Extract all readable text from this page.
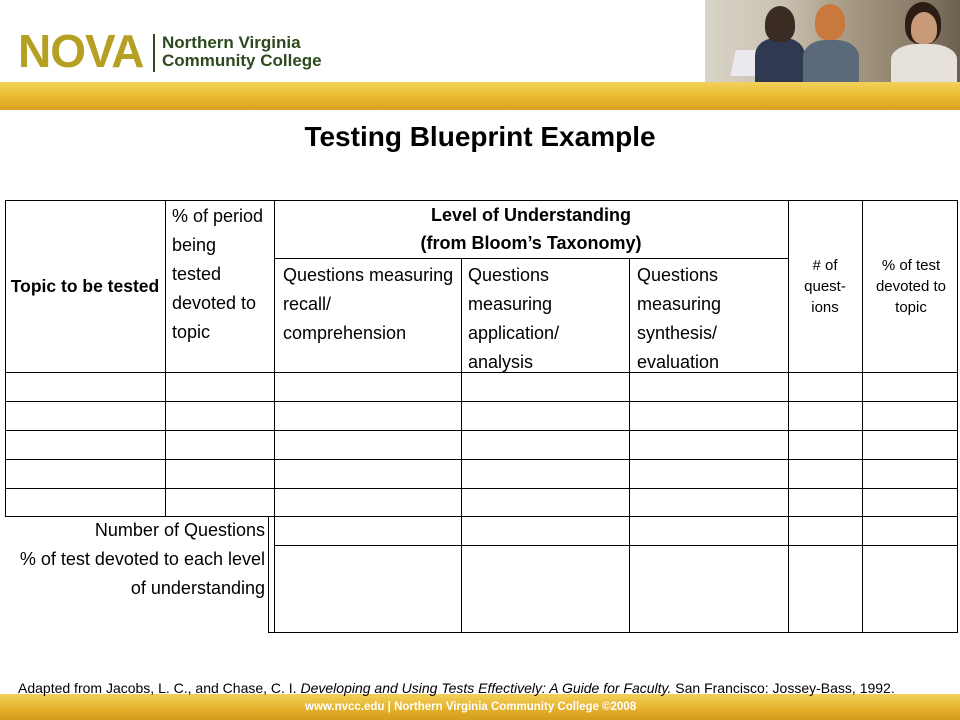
NOVA Northern Virginia
Community College
Testing Blueprint Example
Topic to be tested
% of period being tested devoted to topic
Level of Understanding
(from Bloom’s Taxonomy)
Questions measuring recall/ comprehension
Questions measuring application/ analysis
Questions measuring synthesis/ evaluation
# of quest-ions
% of test devoted to topic
Number of Questions
% of test devoted to each level of understanding
Adapted from Jacobs, L. C., and Chase, C. I. Developing and Using Tests Effectively: A Guide for Faculty. San Francisco: Jossey-Bass, 1992.
www.nvcc.edu | Northern Virginia Community College ©2008
